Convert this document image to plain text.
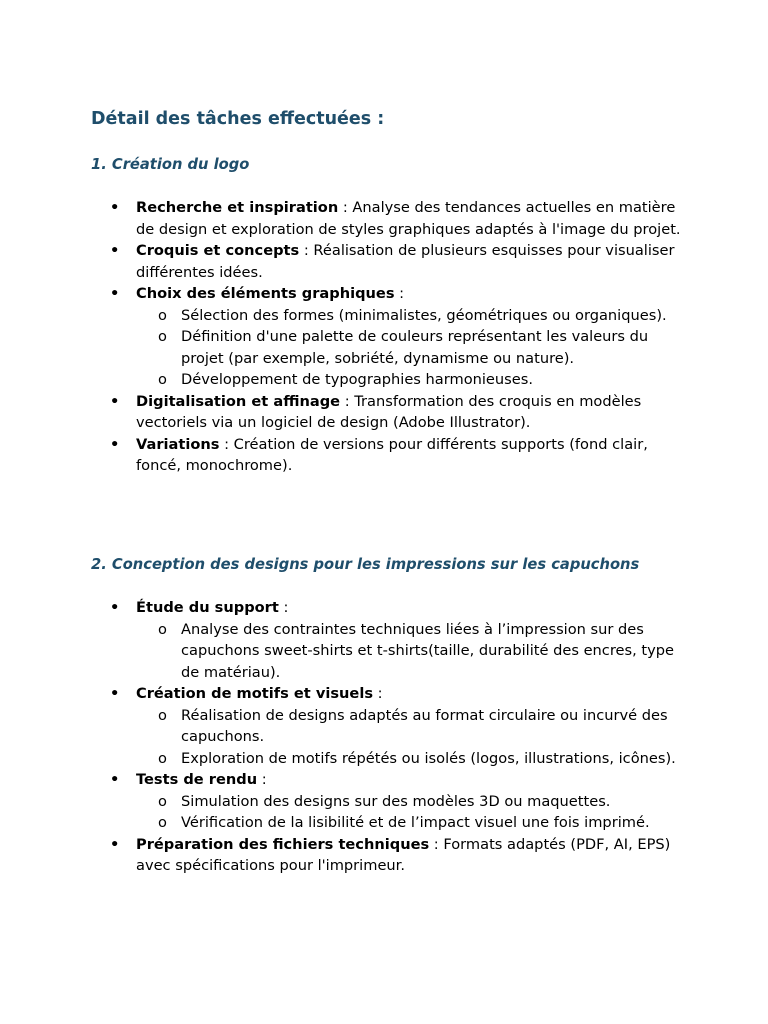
Détail des tâches effectuées :
1. Création du logo
• Recherche et inspiration : Analyse des tendances actuelles en matière de design et exploration de styles graphiques adaptés à l'image du projet.
• Croquis et concepts : Réalisation de plusieurs esquisses pour visualiser différentes idées.
• Choix des éléments graphiques :
o Sélection des formes (minimalistes, géométriques ou organiques).
o Définition d'une palette de couleurs représentant les valeurs du projet (par exemple, sobriété, dynamisme ou nature).
o Développement de typographies harmonieuses.
• Digitalisation et affinage : Transformation des croquis en modèles vectoriels via un logiciel de design (Adobe Illustrator).
• Variations : Création de versions pour différents supports (fond clair, foncé, monochrome).
2. Conception des designs pour les impressions sur les capuchons
• Étude du support :
o Analyse des contraintes techniques liées à l’impression sur des capuchons sweet-shirts et t-shirts(taille, durabilité des encres, type de matériau).
• Création de motifs et visuels :
o Réalisation de designs adaptés au format circulaire ou incurvé des capuchons.
o Exploration de motifs répétés ou isolés (logos, illustrations, icônes).
• Tests de rendu :
o Simulation des designs sur des modèles 3D ou maquettes.
o Vérification de la lisibilité et de l’impact visuel une fois imprimé.
• Préparation des fichiers techniques : Formats adaptés (PDF, AI, EPS) avec spécifications pour l'imprimeur.
